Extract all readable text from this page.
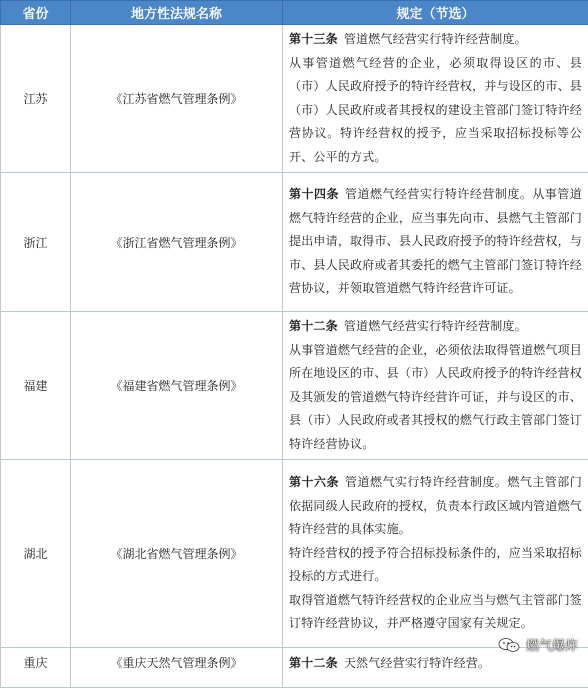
省份	地方性法规名称	规定（节选）
江苏	《江苏省燃气管理条例》	第十三条 管道燃气经营实行特许经营制度。
从事管道燃气经营的企业，必须取得设区的市、县（市）人民政府授予的特许经营权，并与设区的市、县（市）人民政府或者其授权的建设主管部门签订特许经营协议。特许经营权的授予，应当采取招标投标等公开、公平的方式。

浙江	《浙江省燃气管理条例》	第十四条 管道燃气经营实行特许经营制度。从事管道燃气特许经营的企业，应当事先向市、县燃气主管部门提出申请，取得市、县人民政府授予的特许经营权，与市、县人民政府或者其委托的燃气主管部门签订特许经营协议，并领取管道燃气特许经营许可证。

福建	《福建省燃气管理条例》	第十二条 管道燃气经营实行特许经营制度。
从事管道燃气经营的企业，必须依法取得管道燃气项目所在地设区的市、县（市）人民政府授予的特许经营权及其颁发的管道燃气特许经营许可证，并与设区的市、县（市）人民政府或者其授权的燃气行政主管部门签订特许经营协议。

湖北	《湖北省燃气管理条例》	第十六条 管道燃气实行特许经营制度。燃气主管部门依据同级人民政府的授权，负责本行政区域内管道燃气特许经营的具体实施。
特许经营权的授予符合招标投标条件的，应当采取招标投标的方式进行。
取得管道燃气特许经营权的企业应当与燃气主管部门签订特许经营协议，并严格遵守国家有关规定。

重庆	《重庆天然气管理条例》	第十二条 天然气经营实行特许经营。
燃气爆炸
